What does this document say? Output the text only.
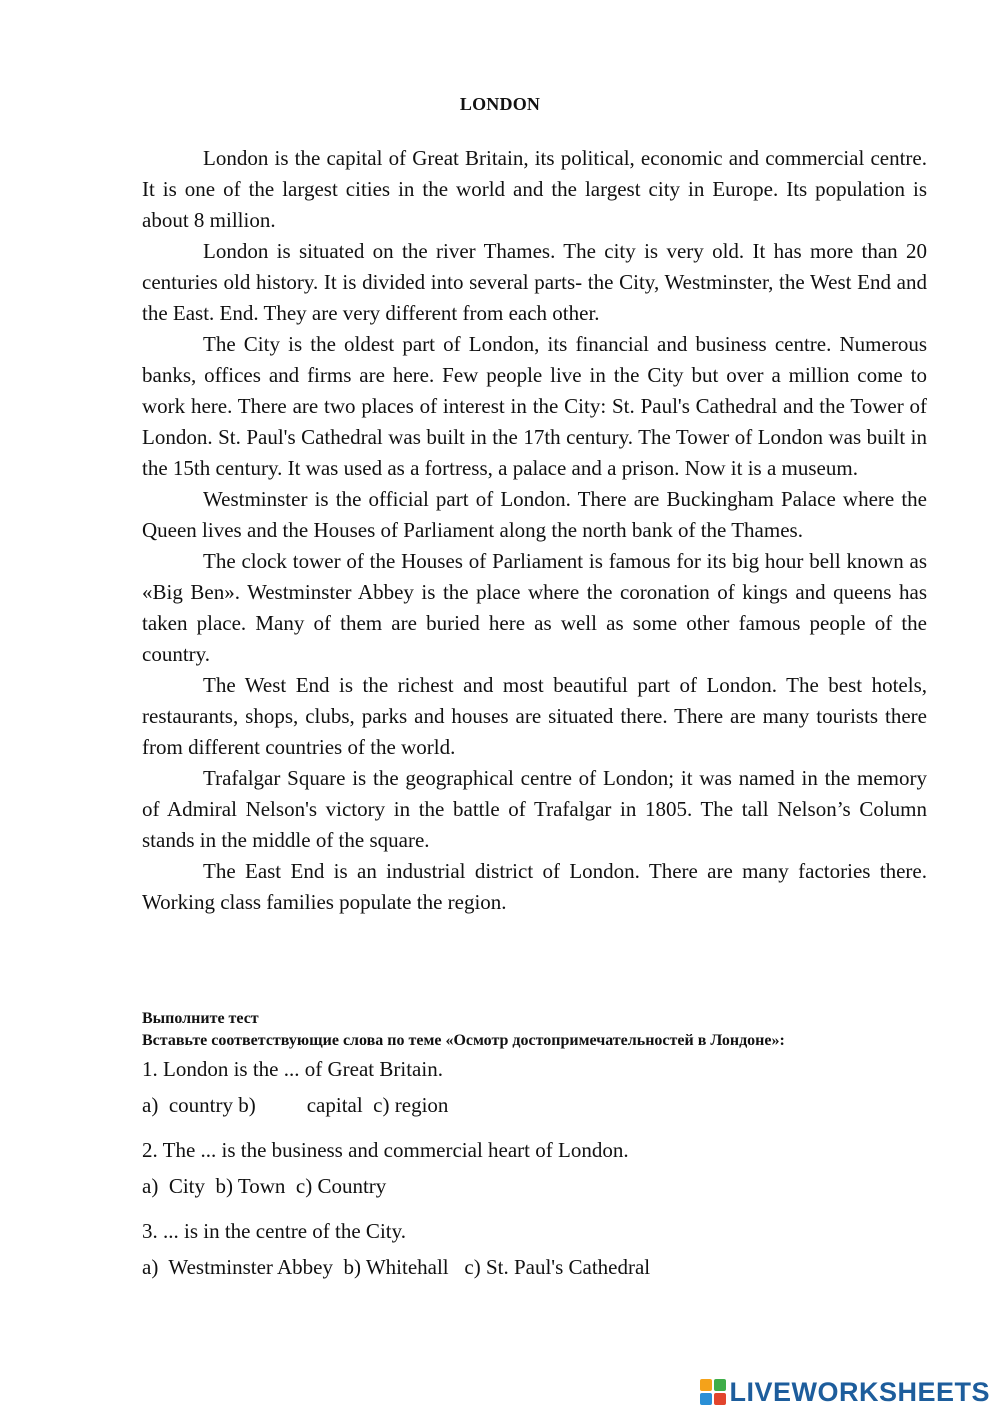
LONDON

London is the capital of Great Britain, its political, economic and commercial centre. It is one of the largest cities in the world and the largest city in Europe. Its population is about 8 million.

London is situated on the river Thames. The city is very old. It has more than 20 centuries old history. It is divided into several parts- the City, Westminster, the West End and the East. End. They are very different from each other.

The City is the oldest part of London, its financial and business centre. Numerous banks, offices and firms are here. Few people live in the City but over a million come to work here. There are two places of interest in the City: St. Paul's Cathedral and the Tower of London. St. Paul's Cathedral was built in the 17th century. The Tower of London was built in the 15th century. It was used as a fortress, a palace and a prison. Now it is a museum.

Westminster is the official part of London. There are Buckingham Palace where the Queen lives and the Houses of Parliament along the north bank of the Thames.

The clock tower of the Houses of Parliament is famous for its big hour bell known as «Big Ben». Westminster Abbey is the place where the coronation of kings and queens has taken place. Many of them are buried here as well as some other famous people of the country.

The West End is the richest and most beautiful part of London. The best hotels, restaurants, shops, clubs, parks and houses are situated there. There are many tourists there from different countries of the world.

Trafalgar Square is the geographical centre of London; it was named in the memory of Admiral Nelson's victory in the battle of Trafalgar in 1805. The tall Nelson’s Column stands in the middle of the square.

The East End is an industrial district of London. There are many factories there. Working class families populate the region.

Выполните тест
Вставьте соответствующие слова по теме «Осмотр достопримечательностей в Лондоне»:
1. London is the ... of Great Britain.
a)  country b) capital  c) region
2. The ... is the business and commercial heart of London.
a)  City  b) Town  c) Country
3. ... is in the centre of the City.
a)  Westminster Abbey  b) Whitehall   c) St. Paul's Cathedral
LIVEWORKSHEETS
